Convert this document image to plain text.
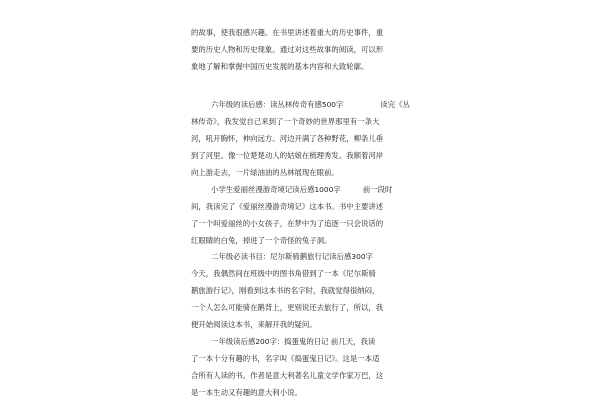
的故事，使我很感兴趣。在书里讲述着重大的历史事件，重
要的历史人物和历史现象。通过对这些故事的阅读，可以形
象地了解和掌握中国历史发展的基本内容和大致轮廓。
六年级的读后感：读丛林传奇有感500字　　　　　读完《丛
林传奇》，我发觉自己来到了一个奇妙的世界那里有一条大
河，吼开胸怀，伸向远方。河边开满了各种野花，柳条儿垂
到了河里。像一位楚楚动人的姑娘在梳理秀发。我顺着河岸
向上游走去，一片绿油油的丛林展现在眼前。
小学生爱丽丝漫游奇境记读后感1000字　　　前一段时
间，我读完了《爱丽丝漫游奇境记》这本书。书中主要讲述
了一个叫爱丽丝的小女孩子，在梦中为了追逐一只会说话的
红眼睛的白兔，掉进了一个奇怪的兔子洞。
二年级必读书目：尼尔斯骑鹅旅行记读后感300字
今天，我偶然间在班级中的图书角借到了一本《尼尔斯骑
鹅旅游行记》，刚看到这本书的名字时，我就觉得很纳闷，
一个人怎么可能骑在鹅背上，更别说还去旅行了，所以，我
便开始阅读这本书，来解开我的疑问。
一年级读后感200字：捣蛋鬼的日记 前几天，我读
了一本十分有趣的书，名字叫《捣蛋鬼日记》。这是一本适
合所有人读的书。作者是意大利著名儿童文学作家万巴，这
是一本生动又有趣的意大利小说。
